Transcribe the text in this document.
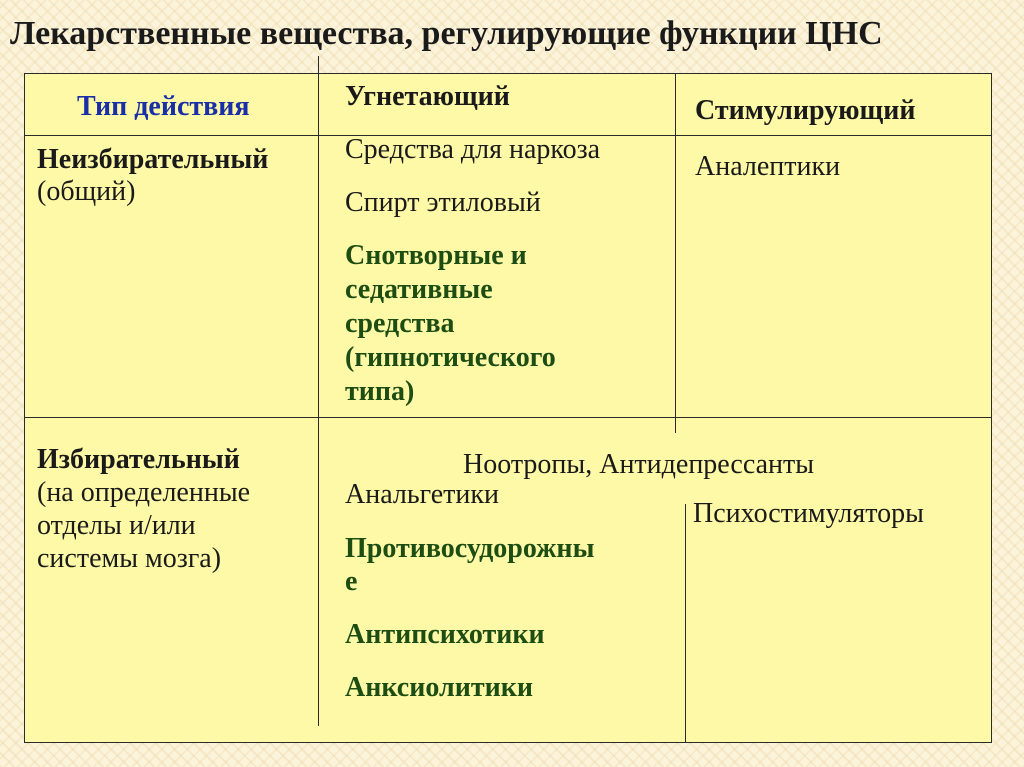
Лекарственные вещества, регулирующие функции ЦНС
Тип действия	Угнетающий	Стимулирующий
Неизбирательный
(общий)
Средства для наркоза
Спирт этиловый
Снотворные и
седативные
средства
(гипнотического
типа)
Аналептики
Избирательный
(на определенные
отделы и/или
системы мозга)
Ноотропы, Антидепрессанты
Анальгетики
Противосудорожны
е
Антипсихотики
Анксиолитики
Психостимуляторы
